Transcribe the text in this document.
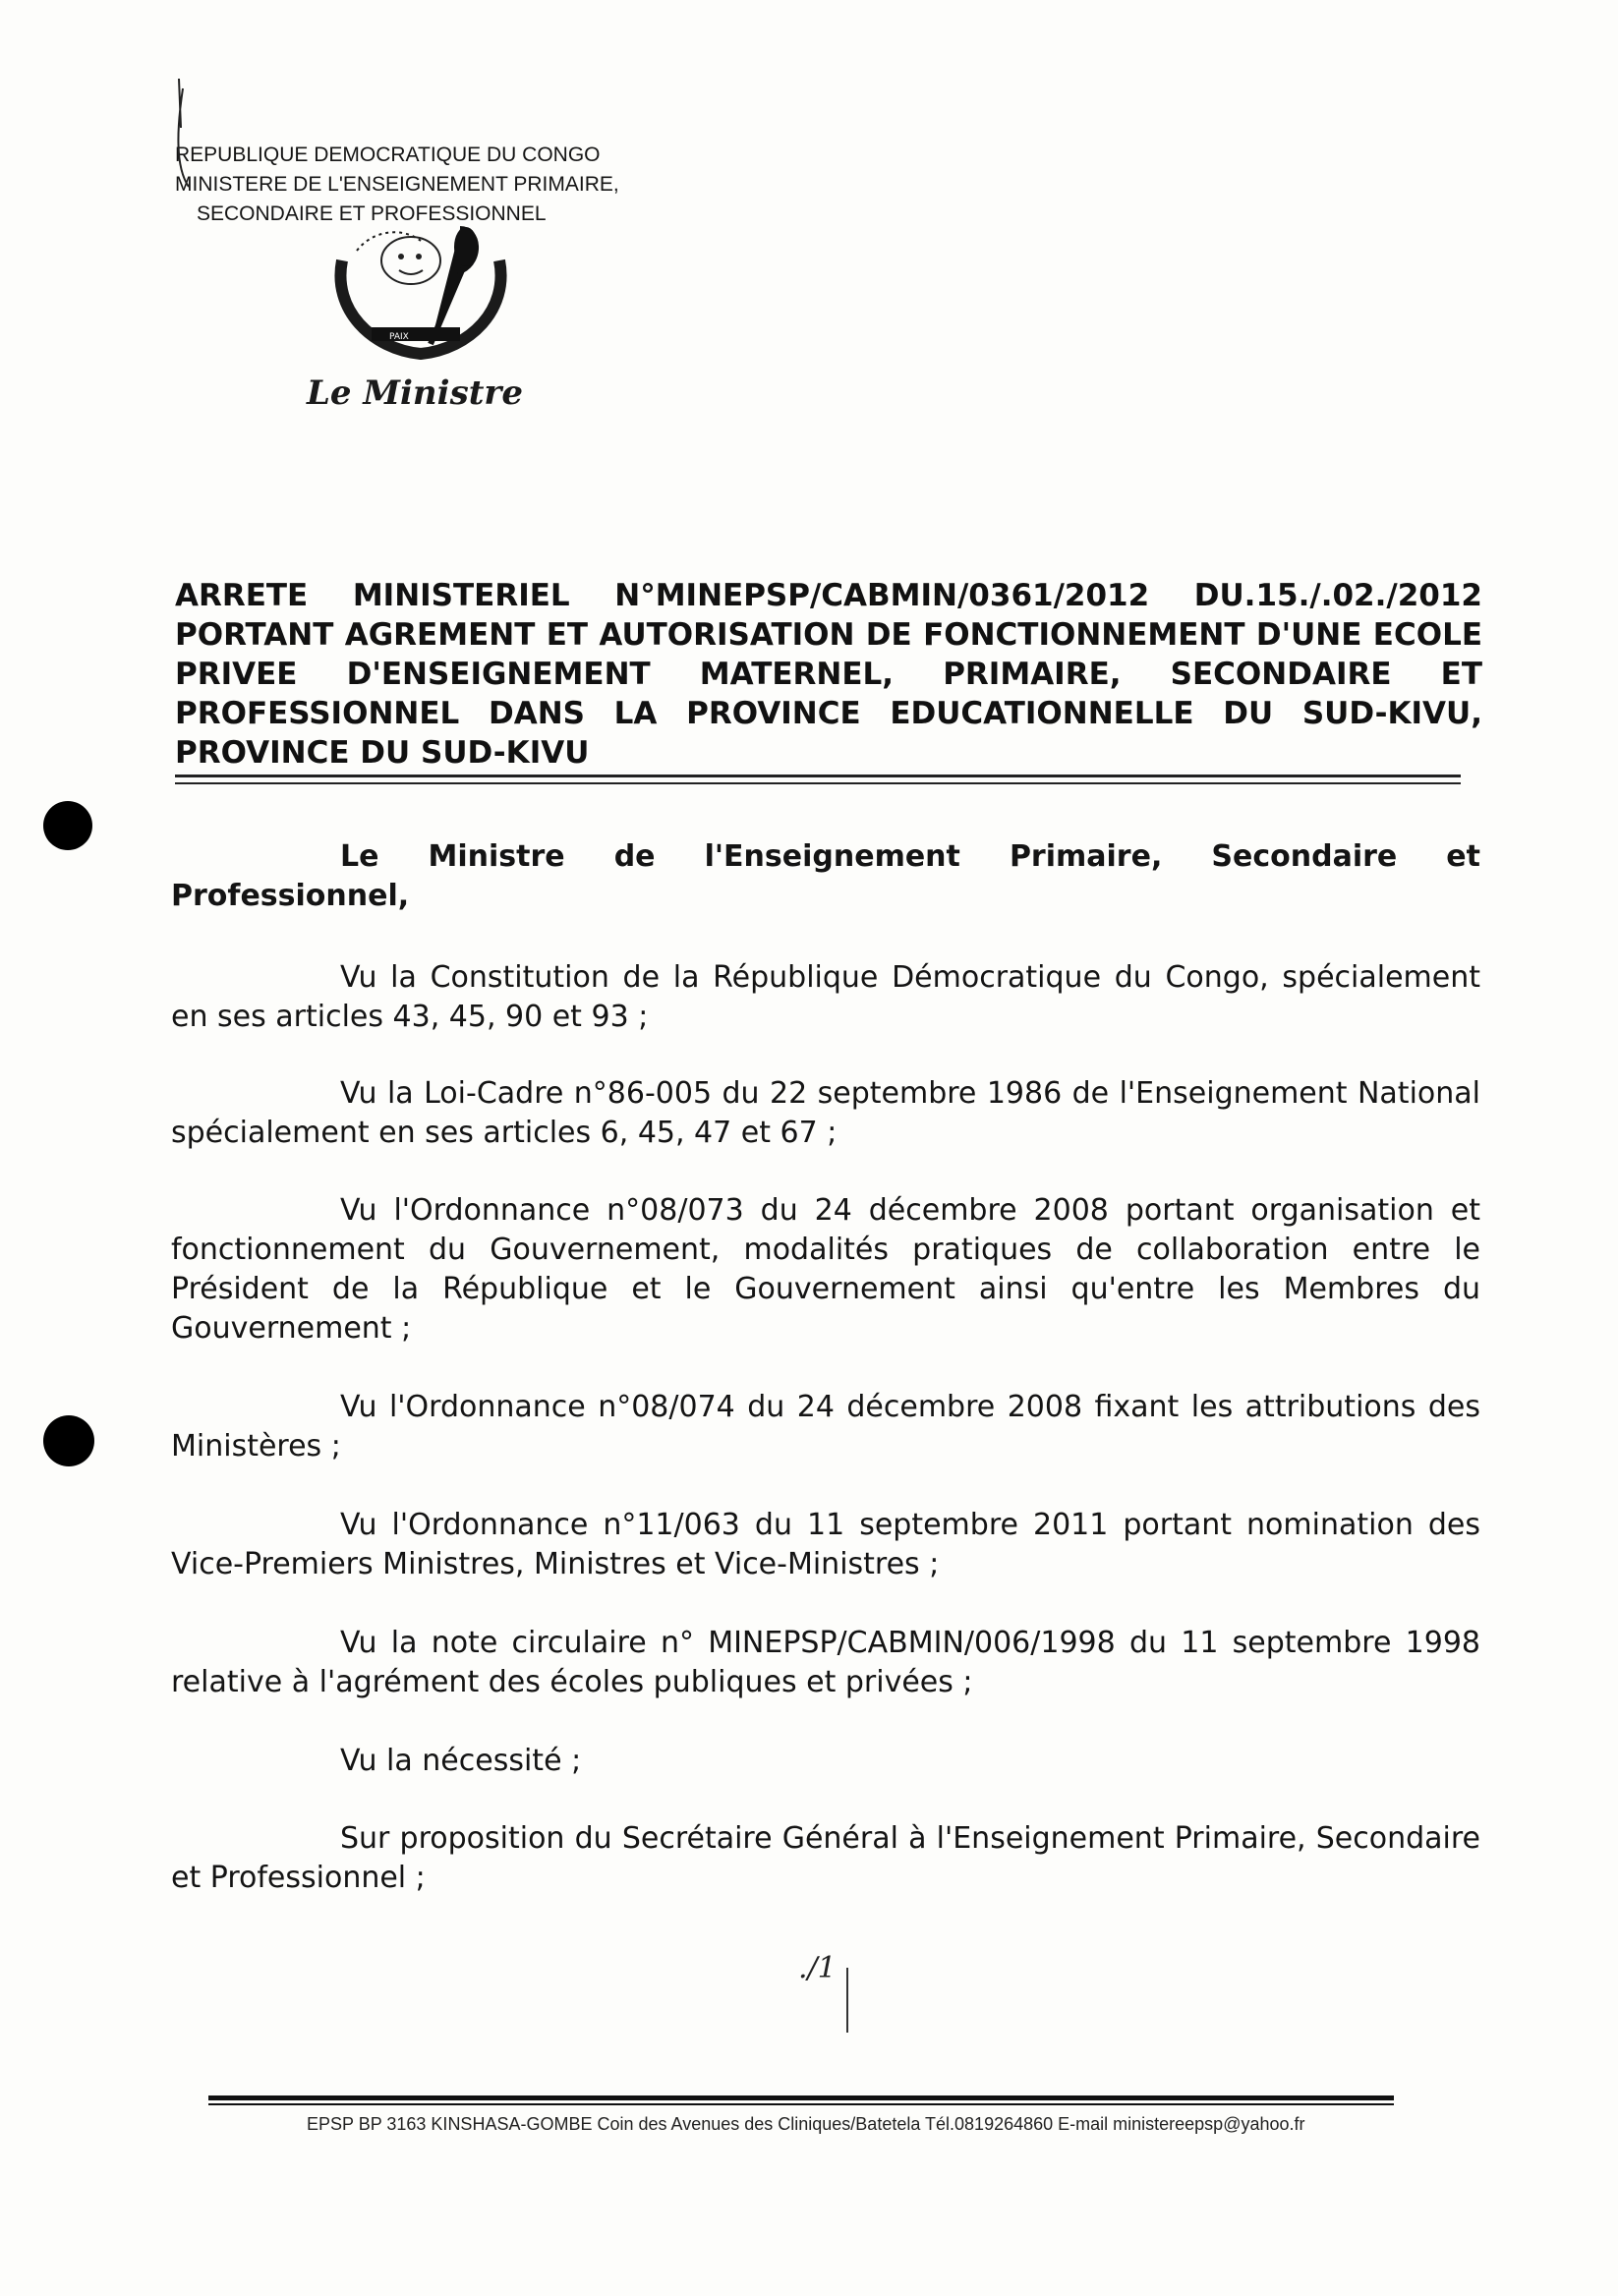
REPUBLIQUE DEMOCRATIQUE DU CONGO
MINISTERE DE L'ENSEIGNEMENT PRIMAIRE,
SECONDAIRE ET PROFESSIONNEL
PAIX
Le Ministre
ARRETE MINISTERIEL N°MINEPSP/CABMIN/0361/2012 DU.15./.02./2012
PORTANT AGREMENT ET AUTORISATION DE FONCTIONNEMENT D'UNE ECOLE
PRIVEE D'ENSEIGNEMENT MATERNEL, PRIMAIRE, SECONDAIRE ET
PROFESSIONNEL DANS LA PROVINCE EDUCATIONNELLE DU SUD-KIVU,
PROVINCE DU SUD-KIVU
Le Ministre de l'Enseignement Primaire, Secondaire et Professionnel,
Vu la Constitution de la République Démocratique du Congo, spécialement en ses articles 43, 45, 90 et 93 ;
Vu la Loi-Cadre n°86-005 du 22 septembre 1986 de l'Enseignement National spécialement en ses articles 6, 45, 47 et 67 ;
Vu l'Ordonnance n°08/073 du 24 décembre 2008 portant organisation et fonctionnement du Gouvernement, modalités pratiques de collaboration entre le Président de la République et le Gouvernement ainsi qu'entre les Membres du Gouvernement ;
Vu l'Ordonnance n°08/074 du 24 décembre 2008 fixant les attributions des Ministères ;
Vu l'Ordonnance n°11/063 du 11 septembre 2011 portant nomination des Vice-Premiers Ministres, Ministres et Vice-Ministres ;
Vu la note circulaire n° MINEPSP/CABMIN/006/1998 du 11 septembre 1998 relative à l'agrément des écoles publiques et privées ;
Vu la nécessité ;
Sur proposition du Secrétaire Général à l'Enseignement Primaire, Secondaire et Professionnel ;
./1
EPSP BP 3163 KINSHASA-GOMBE Coin des Avenues des Cliniques/Batetela Tél.0819264860 E-mail ministereepsp@yahoo.fr
